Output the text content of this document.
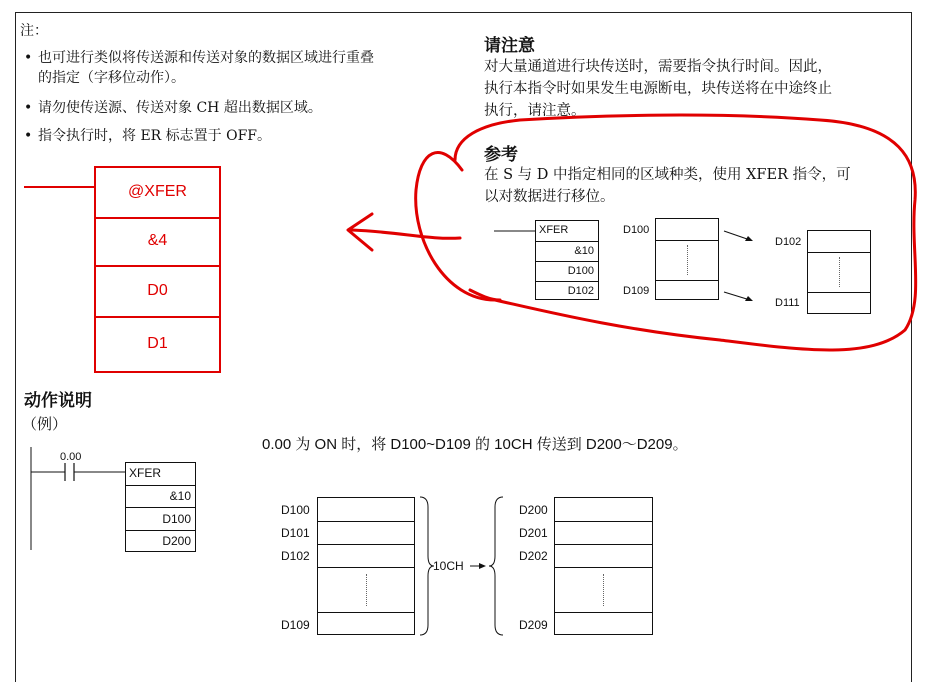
注：
• 也可进行类似将传送源和传送对象的数据区域进行重叠
的指定（字移位动作）。
• 请勿使传送源、传送对象 CH 超出数据区域。
• 指令执行时，将 ER 标志置于 OFF。
请注意
对大量通道进行块传送时，需要指令执行时间。因此，
执行本指令时如果发生电源断电，块传送将在中途终止
执行，请注意。
参考
在 S 与 D 中指定相同的区域种类，使用 XFER 指令，可
以对数据进行移位。
XFER
&10
D100
D102
D100
D109
D102
D111
@XFER
&4
D0
D1
动作说明
（例）
0.00
XFER
&10
D100
D200
0.00 为 ON 时，将 D100~D109 的 10CH 传送到 D200～D209。
D100
D101
D102
D109
D200
D201
D202
D209
10CH
